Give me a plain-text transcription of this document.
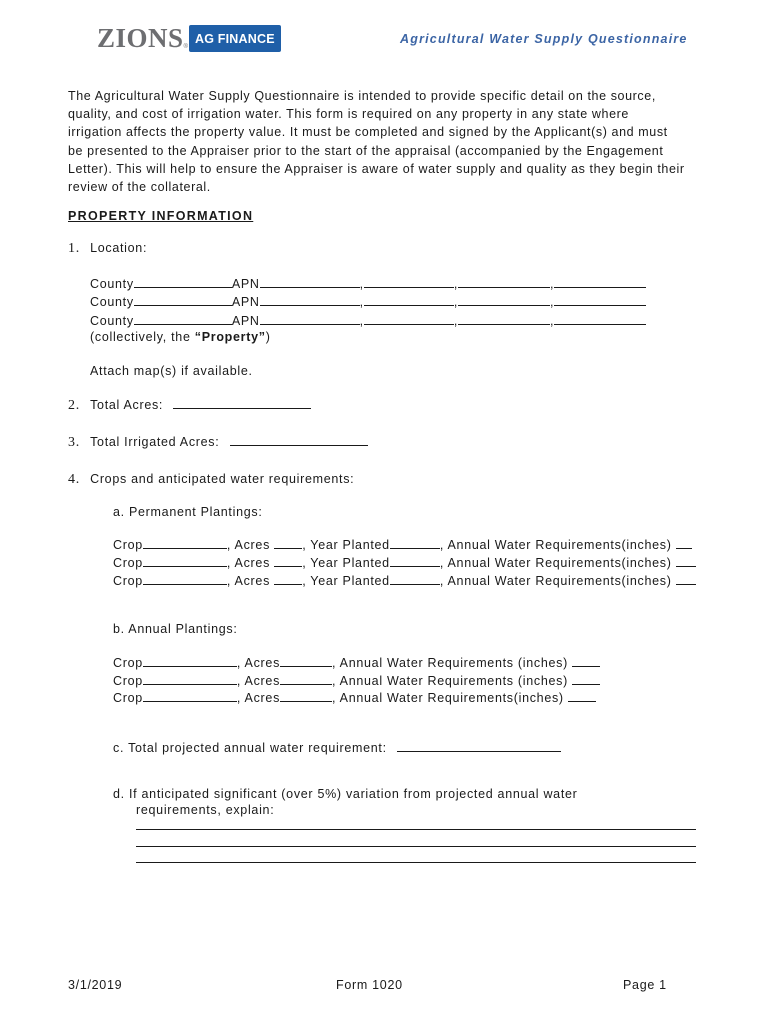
ZIONS ®
AG FINANCE	Agricultural Water Supply Questionnaire

The Agricultural Water Supply Questionnaire is intended to provide specific detail on the source,

quality, and cost of irrigation water. This form is required on any property in any state where

irrigation affects the property value. It must be completed and signed by the Applicant(s) and must

be presented to the Appraiser prior to the start of the appraisal (accompanied by the Engagement

Letter). This will help to ensure the Appraiser is aware of water supply and quality as they begin their

review of the collateral.

PROPERTY INFORMATION
1. Location:
County	APN	,	,	,
County	APN	,	,	,
County	APN	,	,	,
(collectively, the “Property”)
Attach map(s) if available.
2. Total Acres:
3. Total Irrigated Acres:
4. Crops and anticipated water requirements:
a. Permanent Plantings:
Crop	, Acres , Year Planted	, Annual Water Requirements(inches)
Crop	, Acres , Year Planted	, Annual Water Requirements(inches)
Crop	, Acres , Year Planted	, Annual Water Requirements(inches)
b. Annual Plantings:
Crop	, Acres	, Annual Water Requirements (inches)
Crop	, Acres	, Annual Water Requirements (inches)
Crop	, Acres	, Annual Water Requirements(inches)
c. Total projected annual water requirement:
d. If anticipated significant (over 5%) variation from projected annual water
requirements, explain:
3/1/2019	Form 1020	Page 1
